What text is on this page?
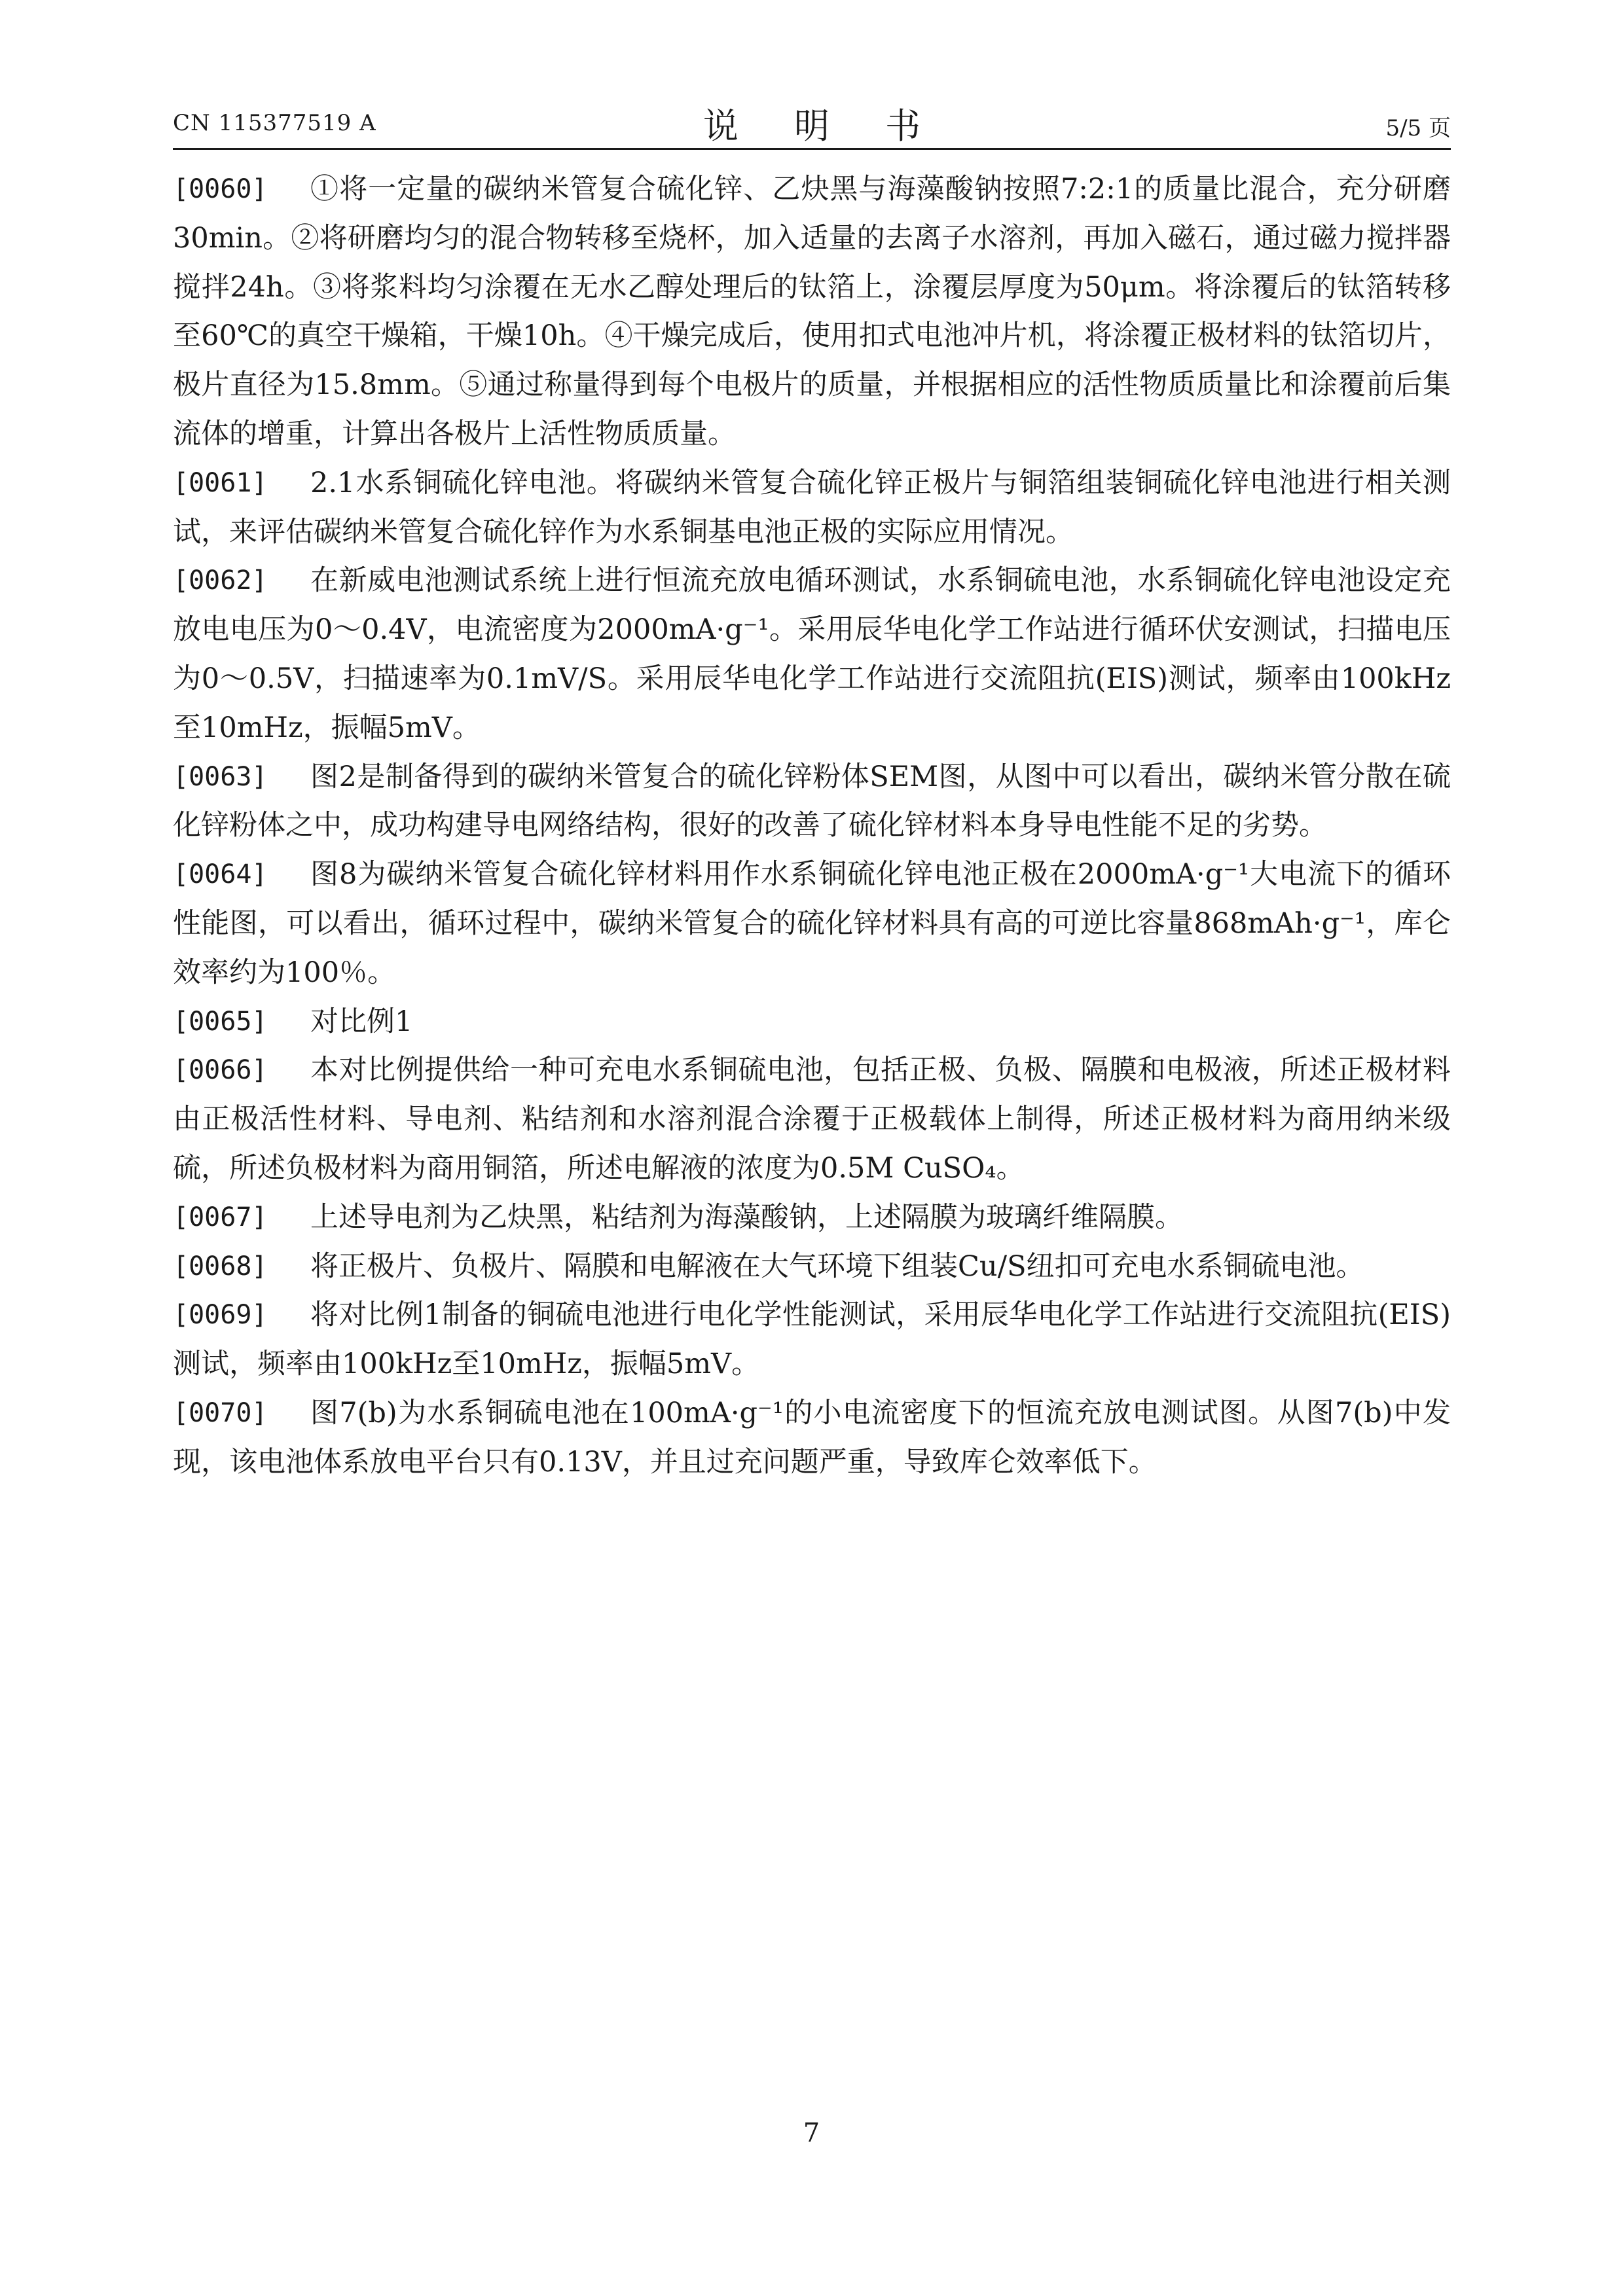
CN 115377519 A	说 明 书	5/5 页

[0060] ①将一定量的碳纳米管复合硫化锌、乙炔黑与海藻酸钠按照7:2:1的质量比混合，充分研磨30min。②将研磨均匀的混合物转移至烧杯，加入适量的去离子水溶剂，再加入磁石，通过磁力搅拌器搅拌24h。③将浆料均匀涂覆在无水乙醇处理后的钛箔上，涂覆层厚度为50μm。将涂覆后的钛箔转移至60℃的真空干燥箱，干燥10h。④干燥完成后，使用扣式电池冲片机，将涂覆正极材料的钛箔切片，极片直径为15.8mm。⑤通过称量得到每个电极片的质量，并根据相应的活性物质质量比和涂覆前后集流体的增重，计算出各极片上活性物质质量。

[0061] 2.1水系铜硫化锌电池。将碳纳米管复合硫化锌正极片与铜箔组装铜硫化锌电池进行相关测试，来评估碳纳米管复合硫化锌作为水系铜基电池正极的实际应用情况。

[0062] 在新威电池测试系统上进行恒流充放电循环测试，水系铜硫电池，水系铜硫化锌电池设定充放电电压为0～0.4V，电流密度为2000mA·g⁻¹。采用辰华电化学工作站进行循环伏安测试，扫描电压为0～0.5V，扫描速率为0.1mV/S。采用辰华电化学工作站进行交流阻抗(EIS)测试，频率由100kHz至10mHz，振幅5mV。

[0063] 图2是制备得到的碳纳米管复合的硫化锌粉体SEM图，从图中可以看出，碳纳米管分散在硫化锌粉体之中，成功构建导电网络结构，很好的改善了硫化锌材料本身导电性能不足的劣势。

[0064] 图8为碳纳米管复合硫化锌材料用作水系铜硫化锌电池正极在2000mA·g⁻¹大电流下的循环性能图，可以看出，循环过程中，碳纳米管复合的硫化锌材料具有高的可逆比容量868mAh·g⁻¹，库仑效率约为100％。

[0065] 对比例1

[0066] 本对比例提供给一种可充电水系铜硫电池，包括正极、负极、隔膜和电极液，所述正极材料由正极活性材料、导电剂、粘结剂和水溶剂混合涂覆于正极载体上制得，所述正极材料为商用纳米级硫，所述负极材料为商用铜箔，所述电解液的浓度为0.5M CuSO₄。

[0067] 上述导电剂为乙炔黑，粘结剂为海藻酸钠，上述隔膜为玻璃纤维隔膜。

[0068] 将正极片、负极片、隔膜和电解液在大气环境下组装Cu/S纽扣可充电水系铜硫电池。

[0069] 将对比例1制备的铜硫电池进行电化学性能测试，采用辰华电化学工作站进行交流阻抗(EIS)测试，频率由100kHz至10mHz，振幅5mV。

[0070] 图7(b)为水系铜硫电池在100mA·g⁻¹的小电流密度下的恒流充放电测试图。从图7(b)中发现，该电池体系放电平台只有0.13V，并且过充问题严重，导致库仑效率低下。

7
